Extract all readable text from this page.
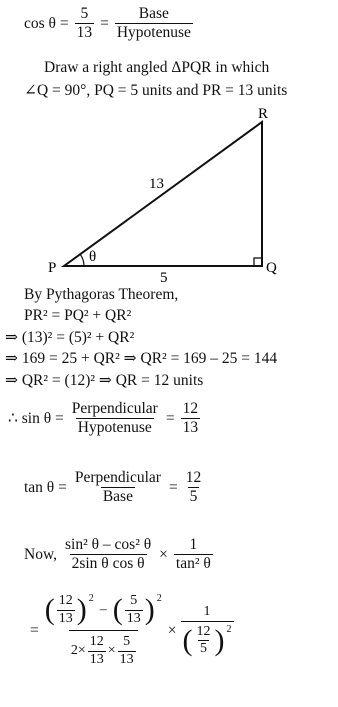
$\cos \theta = \frac{5}{13} = \frac{\text{Base}}{\text{Hypotenuse}}$
Draw a right angled ΔPQR in which
∠Q = 90°, PQ = 5 units and PR = 13 units
P	Q
R
θ
13
5
By Pythagoras Theorem,
PR² = PQ² + QR²
⇒ (13)² = (5)² + QR²
⇒ 169 = 25 + QR² ⇒ QR² = 169 – 25 = 144
⇒ QR² = (12)² ⇒ QR = 12 units
∴ $\sin \theta = \frac{\text{Perpendicular}}{\text{Hypotenuse}} = \frac{12}{13}$
$\tan \theta = \frac{\text{Perpendicular}}{\text{Base}} = \frac{12}{5}$
Now, $\frac{\text{sin² θ – cos² θ}}{\text{2sin θ cos θ}} \times \frac{1}{\text{tan² θ}}$
=
( $\frac{12}{13} )^2$
– ( $\frac{5}{13} )^2$
$2\times \frac{12}{13} \times \frac{5}{13}$
× $\frac{1}{( \frac{12}{5} )^2}$
